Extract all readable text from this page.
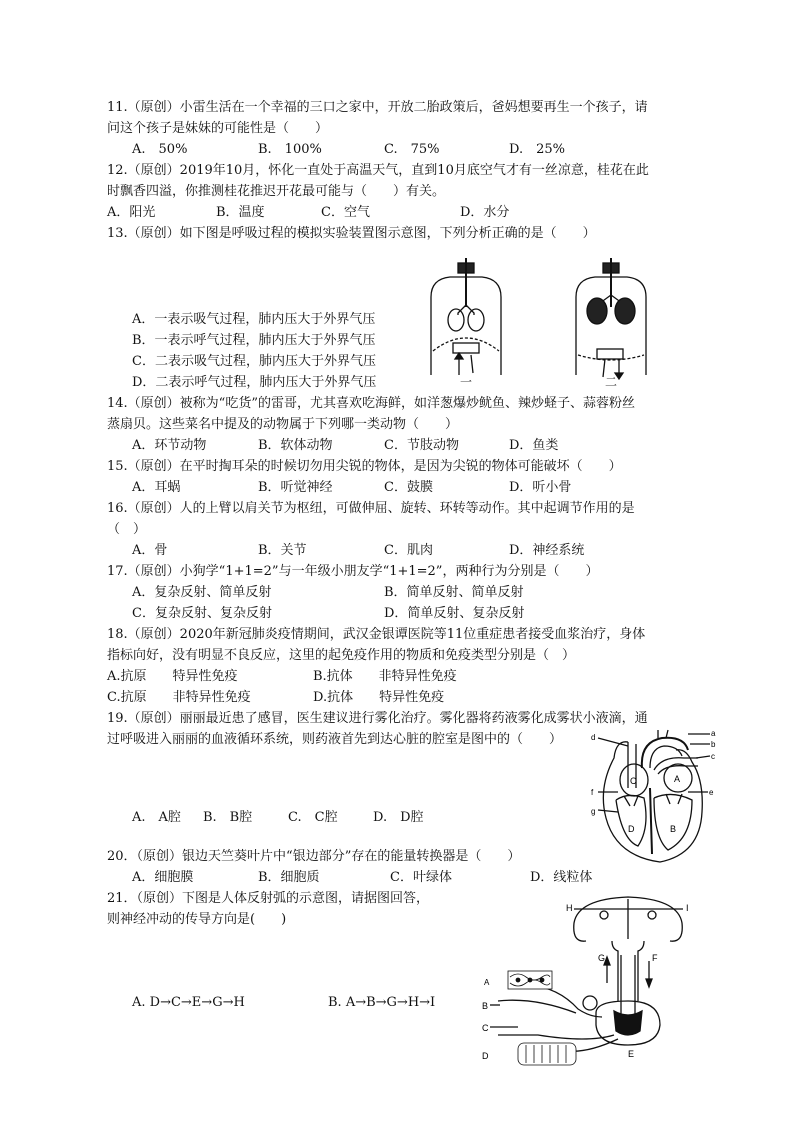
11.（原创）小雷生活在一个幸福的三口之家中，开放二胎政策后，爸妈想要再生一个孩子，请
问这个孩子是妹妹的可能性是（　　）
A.　50%	B.　100%	C.　75%	D.　25%
12.（原创）2019年10月，怀化一直处于高温天气，直到10月底空气才有一丝凉意，桂花在此
时飘香四溢，你推测桂花推迟开花最可能与（　　）有关。
A．阳光	B．温度	C．空气	D．水分
13.（原创）如下图是呼吸过程的模拟实验装置图示意图，下列分析正确的是（　　）
A．一表示吸气过程，肺内压大于外界气压
B．一表示呼气过程，肺内压大于外界气压
C．二表示吸气过程，肺内压大于外界气压
D．二表示呼气过程，肺内压大于外界气压	一	二
14.（原创）被称为“吃货”的雷哥，尤其喜欢吃海鲜，如洋葱爆炒鱿鱼、辣炒蛏子、蒜蓉粉丝
蒸扇贝。这些菜名中提及的动物属于下列哪一类动物（　　）
A．环节动物	B．软体动物	C．节肢动物	D．鱼类
15.（原创）在平时掏耳朵的时候切勿用尖锐的物体，是因为尖锐的物体可能破坏（　　）
A．耳蜗	B．听觉神经	C．鼓膜	D．听小骨
16.（原创）人的上臂以肩关节为枢纽，可做伸屈、旋转、环转等动作。其中起调节作用的是
（　）
A．骨	B．关节	C．肌肉	D．神经系统
17.（原创）小狗学“1+1=2”与一年级小朋友学“1+1=2”，两种行为分别是（　　）
A．复杂反射、简单反射	B．简单反射、简单反射
C．复杂反射、复杂反射	D．简单反射、复杂反射
18.（原创）2020年新冠肺炎疫情期间，武汉金银谭医院等11位重症患者接受血浆治疗，身体
指标向好，没有明显不良反应，这里的起免疫作用的物质和免疫类型分别是（　）
A.抗原　　特异性免疫	B.抗体　　非特异性免疫
C.抗原　　非特异性免疫	D.抗体　　特异性免疫
19.（原创）丽丽最近患了感冒，医生建议进行雾化治疗。雾化器将药液雾化成雾状小液滴，通
过呼吸进入丽丽的血液循环系统，则药液首先到达心脏的腔室是图中的（　　）
A.　A腔 B.　B腔	C.　C腔	D.　D腔
d	a
b
c
C	A
f	e
g
D	B
20．（原创）银边天竺葵叶片中“银边部分”存在的能量转换器是（　　）
A．细胞膜	B．细胞质	C．叶绿体	D．线粒体
21．（原创）下图是人体反射弧的示意图，请据图回答，
则神经冲动的传导方向是(　　)
A. D→C→E→G→H	B. A→B→G→H→I
H	I
G	F
A
B
C
D	E
